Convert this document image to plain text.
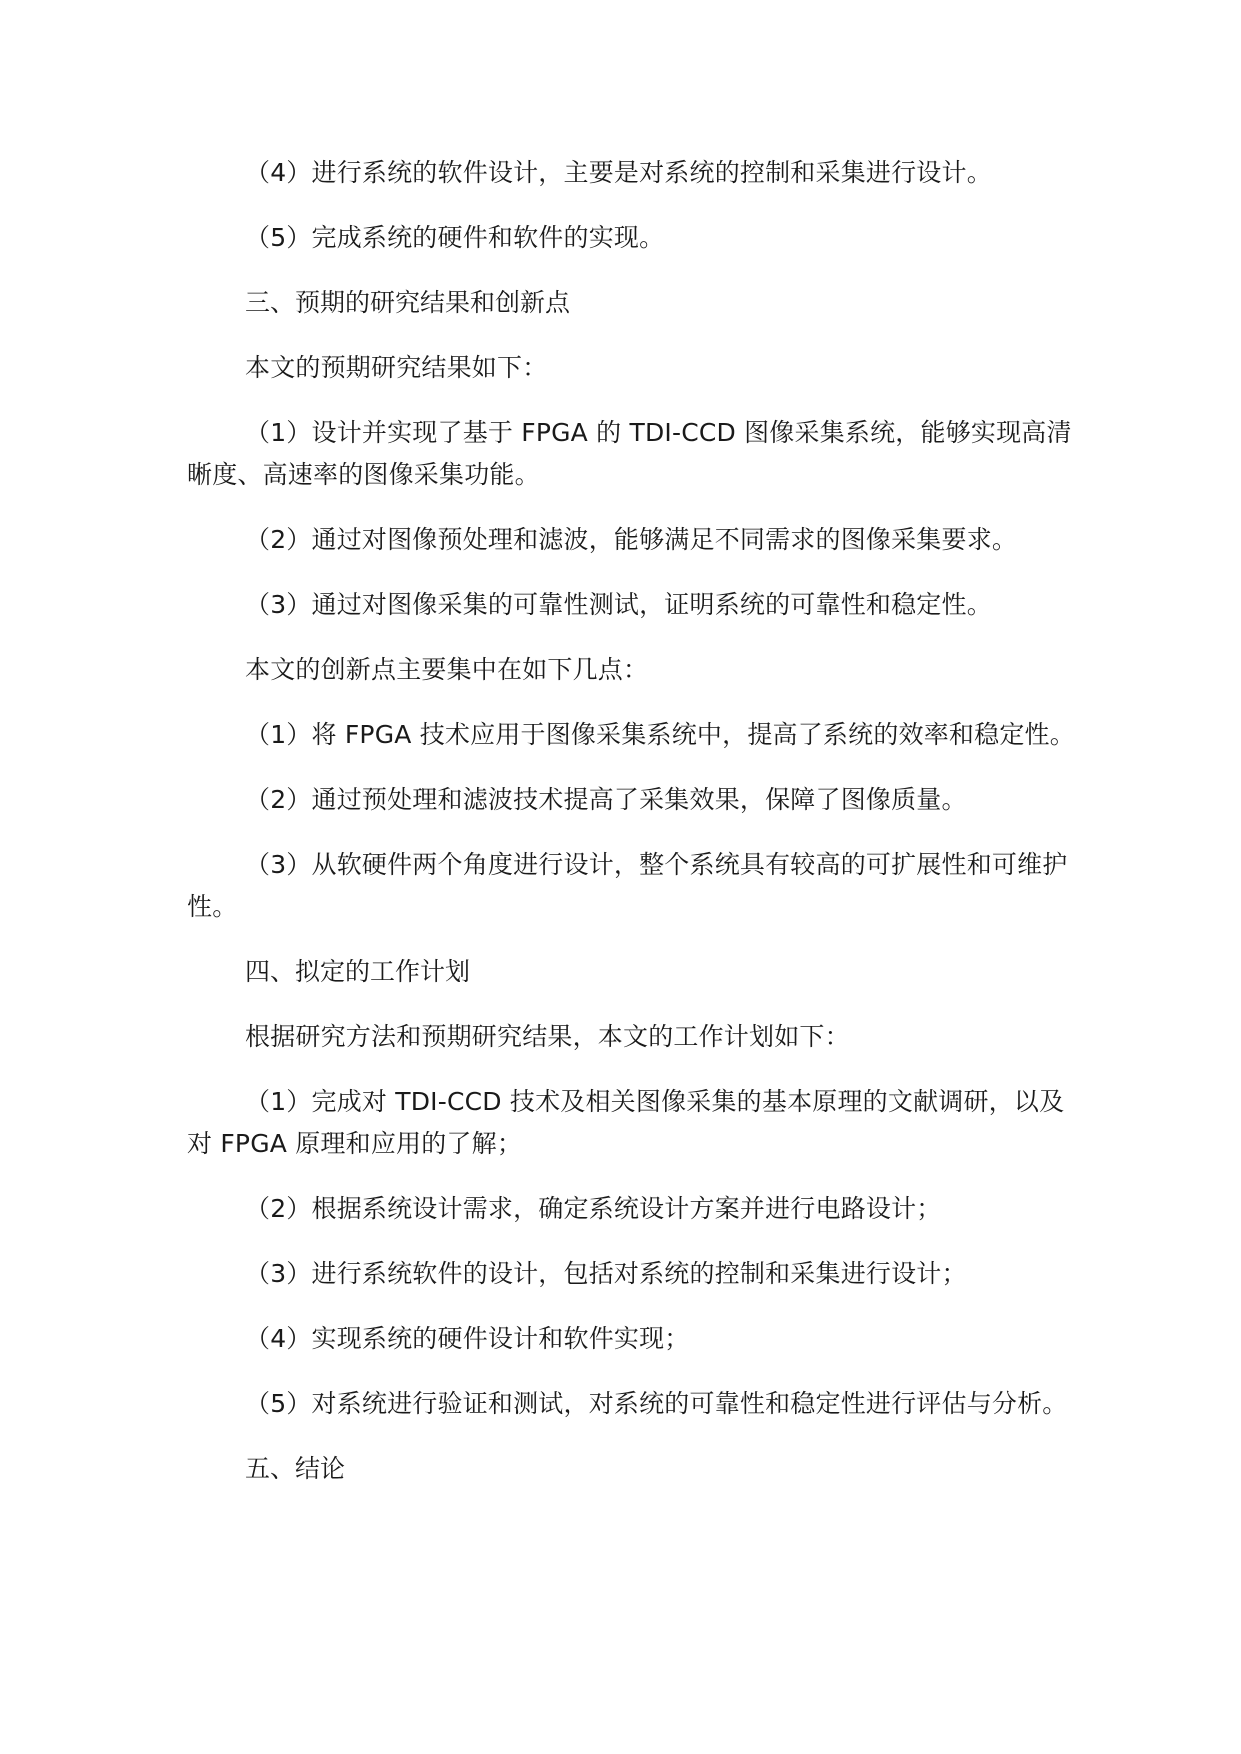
（4）进行系统的软件设计，主要是对系统的控制和采集进行设计。

（5）完成系统的硬件和软件的实现。

三、预期的研究结果和创新点

本文的预期研究结果如下：

（1）设计并实现了基于 FPGA 的 TDI-CCD 图像采集系统，能够实现高清晰度、高速率的图像采集功能。

（2）通过对图像预处理和滤波，能够满足不同需求的图像采集要求。

（3）通过对图像采集的可靠性测试，证明系统的可靠性和稳定性。

本文的创新点主要集中在如下几点：

（1）将 FPGA 技术应用于图像采集系统中，提高了系统的效率和稳定性。

（2）通过预处理和滤波技术提高了采集效果，保障了图像质量。

（3）从软硬件两个角度进行设计，整个系统具有较高的可扩展性和可维护性。

四、拟定的工作计划

根据研究方法和预期研究结果，本文的工作计划如下：

（1）完成对 TDI-CCD 技术及相关图像采集的基本原理的文献调研，以及对 FPGA 原理和应用的了解；

（2）根据系统设计需求，确定系统设计方案并进行电路设计；

（3）进行系统软件的设计，包括对系统的控制和采集进行设计；

（4）实现系统的硬件设计和软件实现；

（5）对系统进行验证和测试，对系统的可靠性和稳定性进行评估与分析。

五、结论
